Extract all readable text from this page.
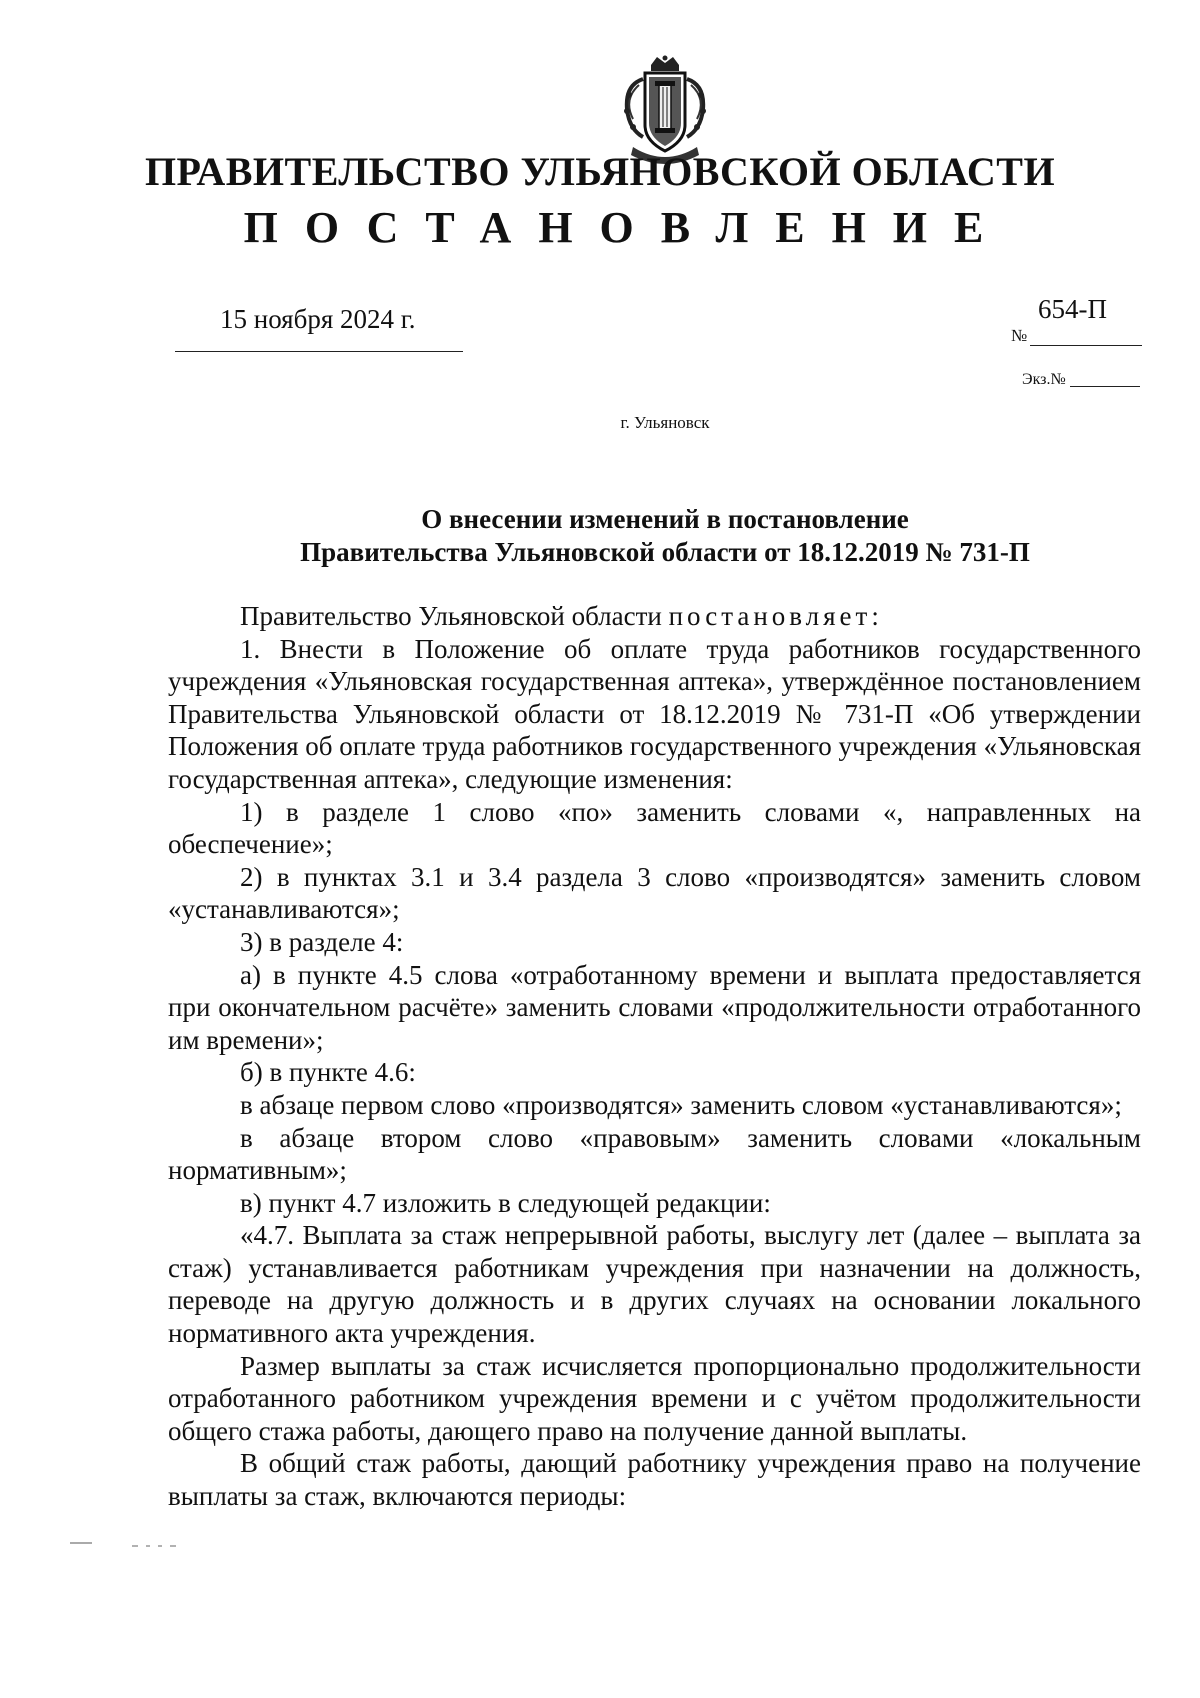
ПРАВИТЕЛЬСТВО УЛЬЯНОВСКОЙ ОБЛАСТИ
ПОСТАНОВЛЕНИЕ
15 ноября 2024 г.	654-П
№
Экз.№
г. Ульяновск
О внесении изменений в постановление
Правительства Ульяновской области от 18.12.2019 № 731-П

Правительство Ульяновской области постановляет:

1. Внести в Положение об оплате труда работников государственного учреждения «Ульяновская государственная аптека», утверждённое постановлением Правительства Ульяновской области от 18.12.2019 № 731-П «Об утверждении Положения об оплате труда работников государственного учреждения «Ульяновская государственная аптека», следующие изменения:

1) в разделе 1 слово «по» заменить словами «, направленных на обеспечение»;

2) в пунктах 3.1 и 3.4 раздела 3 слово «производятся» заменить словом «устанавливаются»;

3) в разделе 4:

а) в пункте 4.5 слова «отработанному времени и выплата предоставляется при окончательном расчёте» заменить словами «продолжительности отработанного им времени»;

б) в пункте 4.6:

в абзаце первом слово «производятся» заменить словом «устанавливаются»;

в абзаце втором слово «правовым» заменить словами «локальным нормативным»;

в) пункт 4.7 изложить в следующей редакции:

«4.7. Выплата за стаж непрерывной работы, выслугу лет (далее – выплата за стаж) устанавливается работникам учреждения при назначении на должность, переводе на другую должность и в других случаях на основании локального нормативного акта учреждения.

Размер выплаты за стаж исчисляется пропорционально продолжительности отработанного работником учреждения времени и с учётом продолжительности общего стажа работы, дающего право на получение данной выплаты.

В общий стаж работы, дающий работнику учреждения право на получение выплаты за стаж, включаются периоды:
